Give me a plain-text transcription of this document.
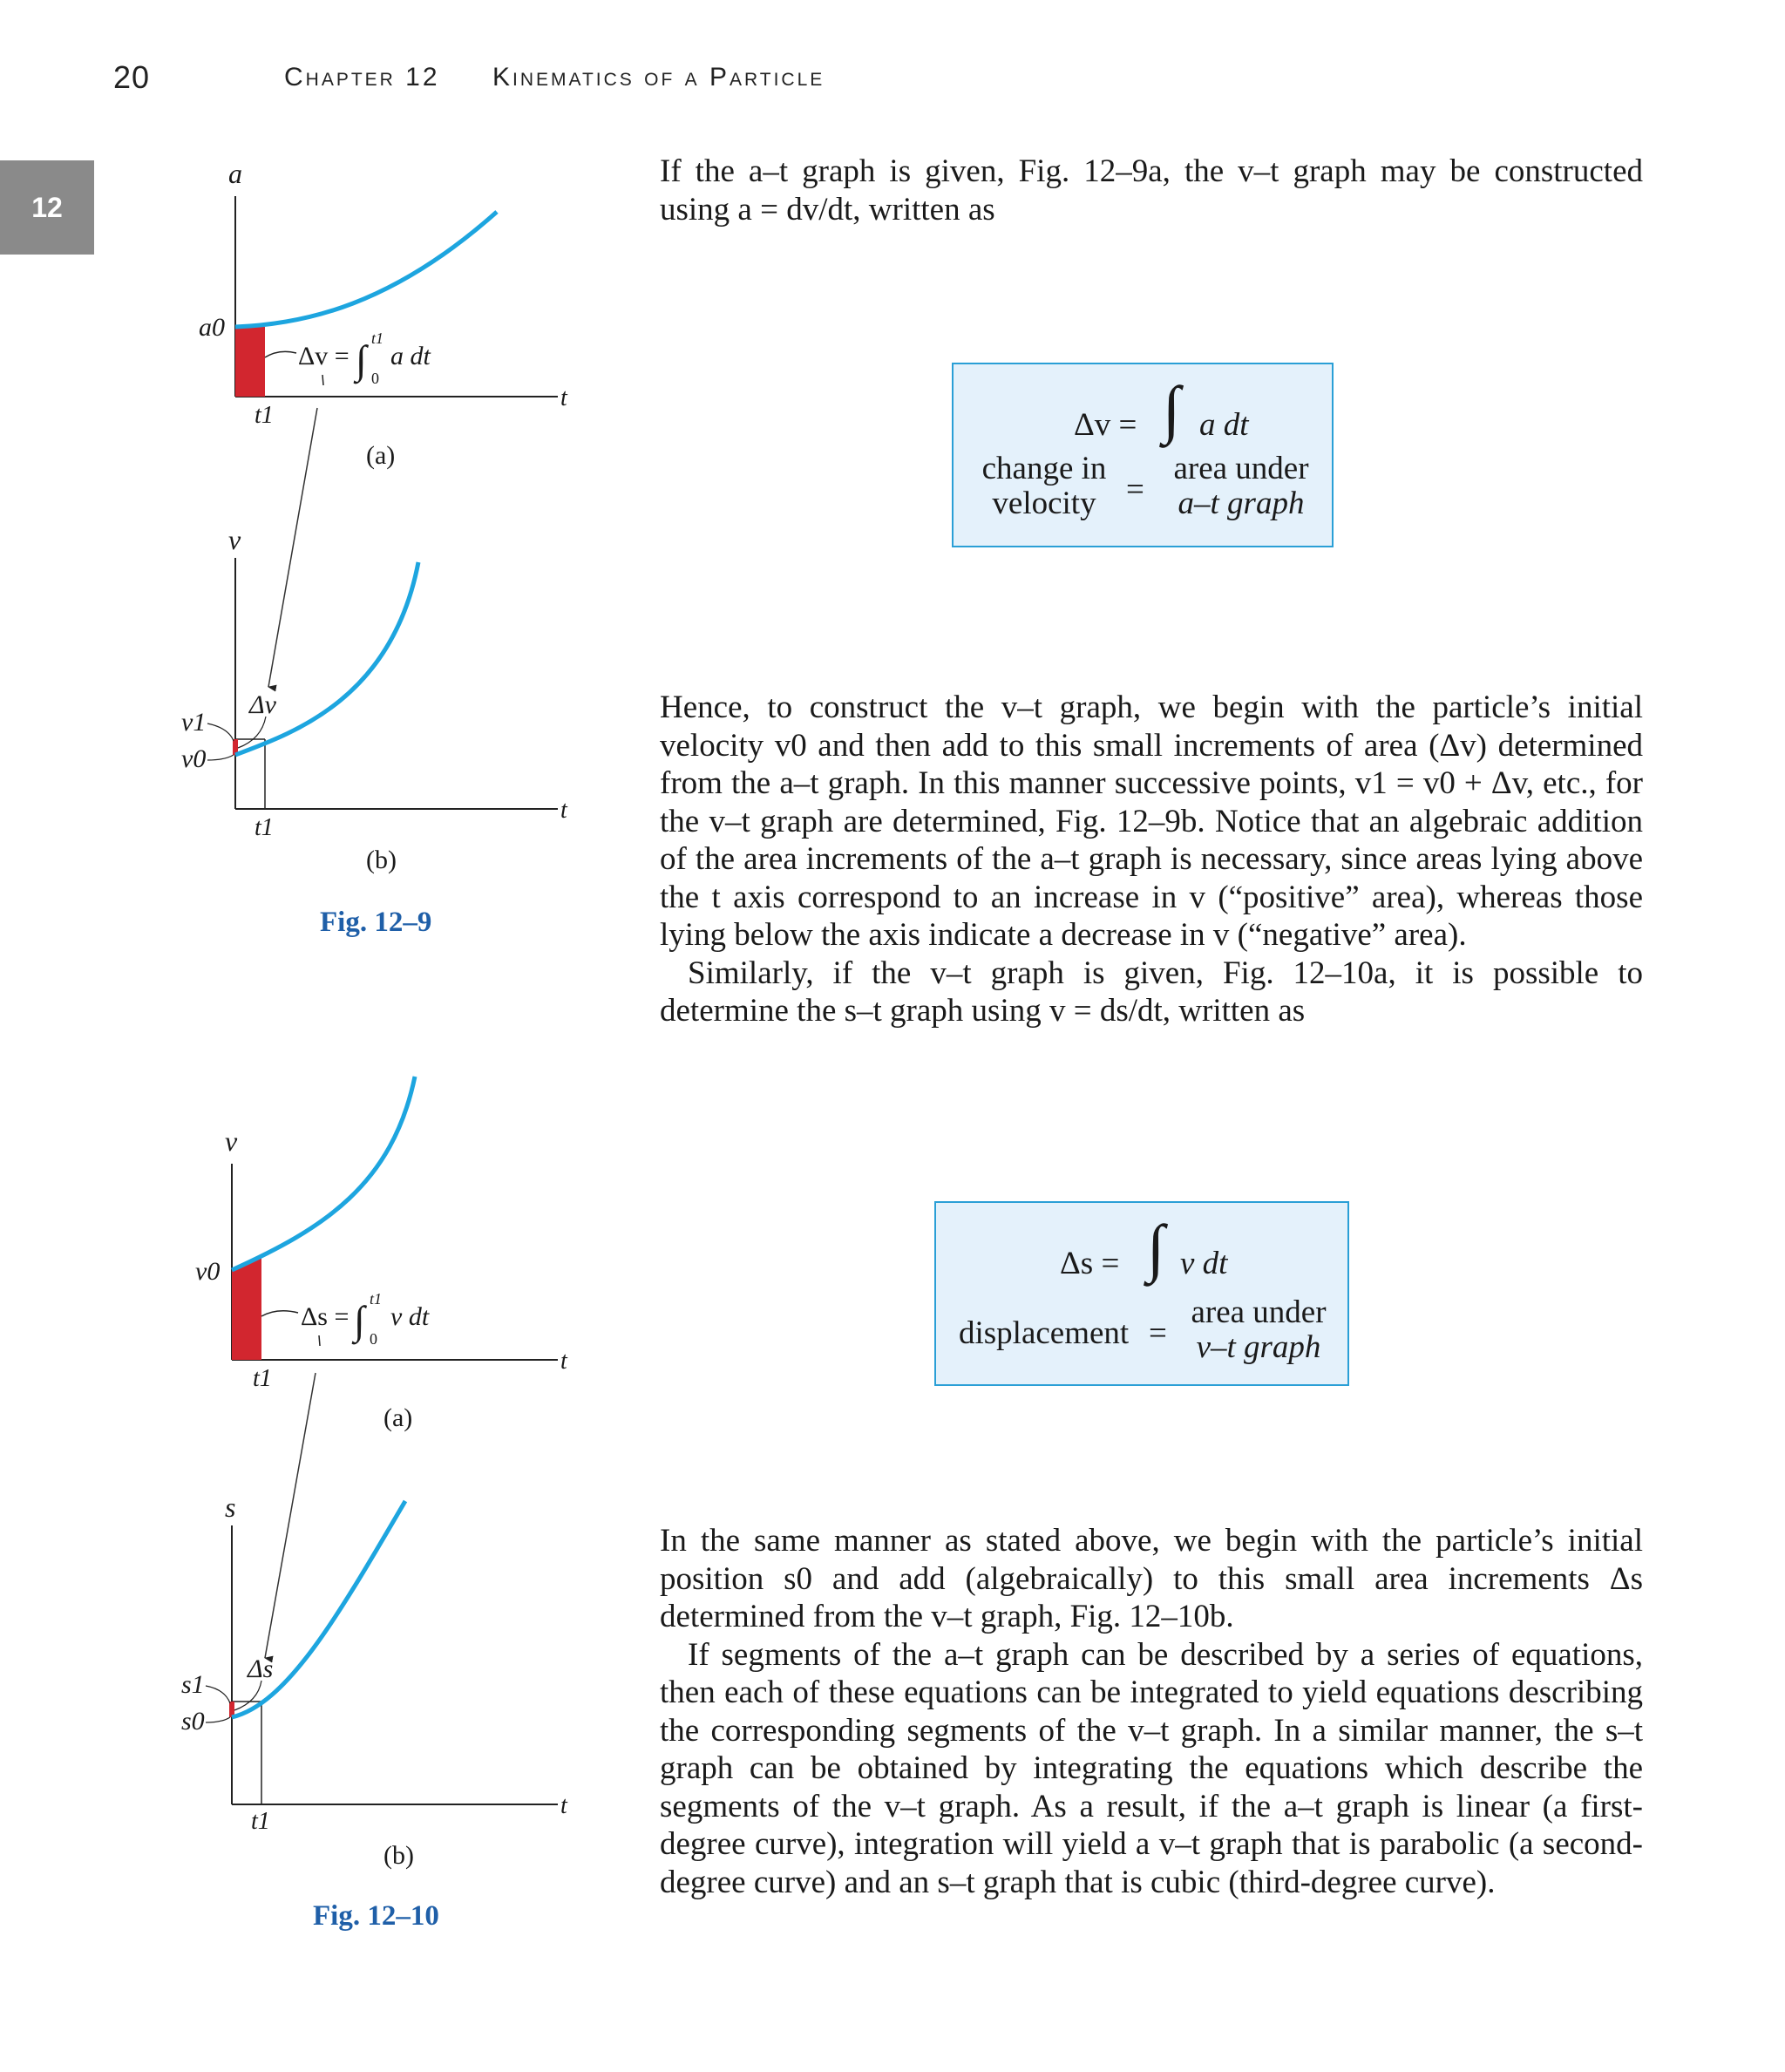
20	Chapter 12 Kinematics of a Particle
12
a
t
a0
t1
Δv = ∫ t1
0
a dt
(a)
v
t
v1
v0
Δv
t1
(b)
v
t
v0
t1
Δs = ∫ t1
0
v dt
(a)
s
t
s1
s0
Δs
t1
(b)
Fig. 12–9
Fig. 12–10

If the a–t graph is given, Fig. 12–9a, the v–t graph may be constructed using a = dv/dt, written as

Δv = ∫ a dt
change in
velocity =
area under
a–t graph

Hence, to construct the v–t graph, we begin with the particle’s initial velocity v0 and then add to this small increments of area (Δv) determined from the a–t graph. In this manner successive points, v1 = v0 + Δv, etc., for the v–t graph are determined, Fig. 12–9b. Notice that an algebraic addition of the area increments of the a–t graph is necessary, since areas lying above the t axis correspond to an increase in v (“positive” area), whereas those lying below the axis indicate a decrease in v (“negative” area).

Similarly, if the v–t graph is given, Fig. 12–10a, it is possible to determine the s–t graph using v = ds/dt, written as

Δs = ∫ v dt
displacement =
area under
v–t graph

In the same manner as stated above, we begin with the particle’s initial position s0 and add (algebraically) to this small area increments Δs determined from the v–t graph, Fig. 12–10b.

If segments of the a–t graph can be described by a series of equations, then each of these equations can be integrated to yield equations describing the corresponding segments of the v–t graph. In a similar manner, the s–t graph can be obtained by integrating the equations which describe the segments of the v–t graph. As a result, if the a–t graph is linear (a first-degree curve), integration will yield a v–t graph that is parabolic (a second-degree curve) and an s–t graph that is cubic (third-degree curve).
